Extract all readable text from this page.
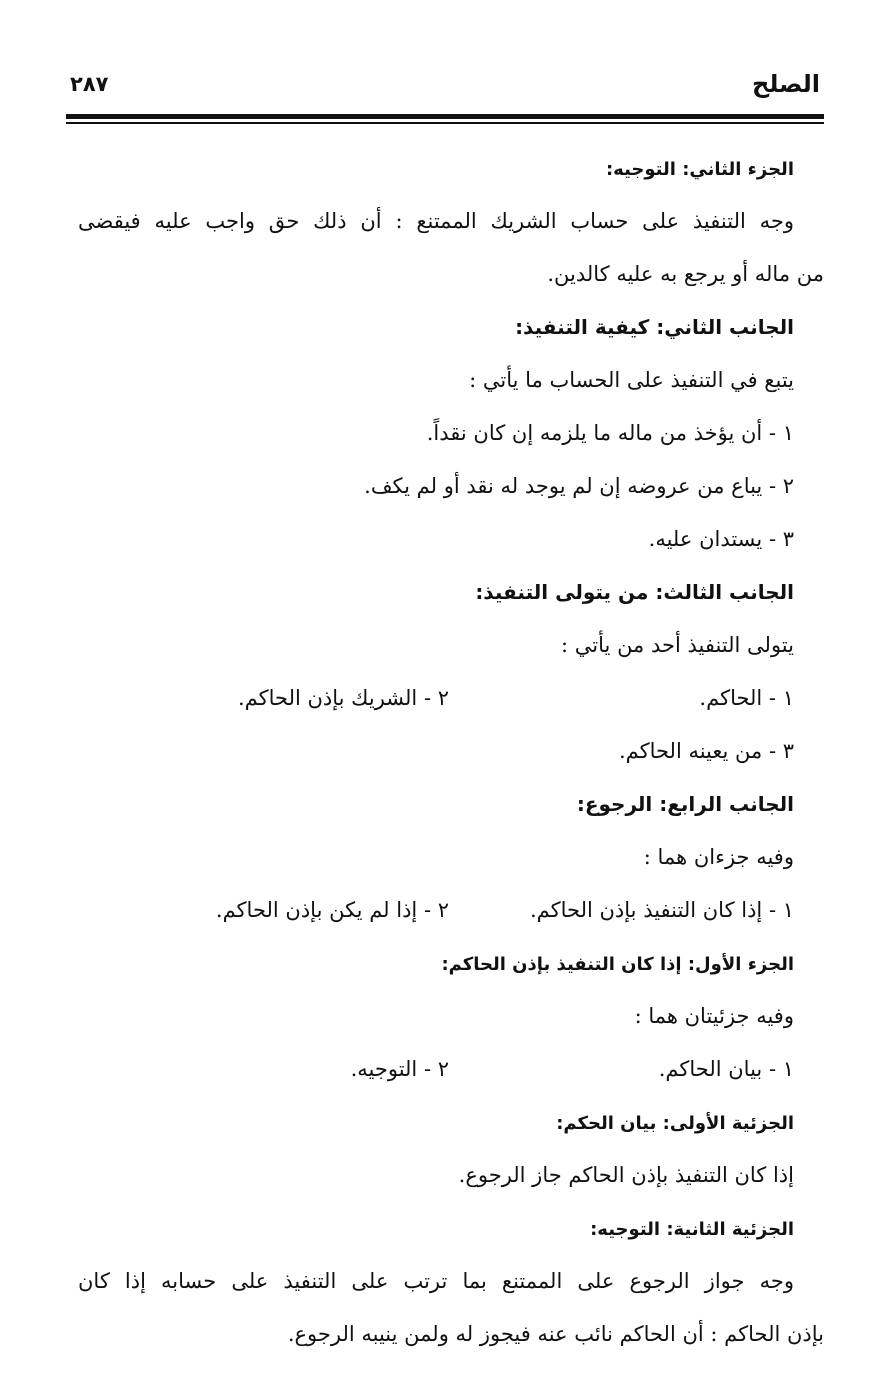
الصلح
٢٨٧
الجزء الثاني: التوجيه:
وجه التنفيذ على حساب الشريك الممتنع : أن ذلك حق واجب عليه فيقضى
من ماله أو يرجع به عليه كالدين.
الجانب الثاني: كيفية التنفيذ:
يتبع في التنفيذ على الحساب ما يأتي :
١ - أن يؤخذ من ماله ما يلزمه إن كان نقداً.
٢ - يباع من عروضه إن لم يوجد له نقد أو لم يكف.
٣ - يستدان عليه.
الجانب الثالث: من يتولى التنفيذ:
يتولى التنفيذ أحد من يأتي :
١ - الحاكم.
٢ - الشريك بإذن الحاكم.
٣ - من يعينه الحاكم.
الجانب الرابع: الرجوع:
وفيه جزءان هما :
١ - إذا كان التنفيذ بإذن الحاكم.
٢ - إذا لم يكن بإذن الحاكم.
الجزء الأول: إذا كان التنفيذ بإذن الحاكم:
وفيه جزئيتان هما :
١ - بيان الحاكم.
٢ - التوجيه.
الجزئية الأولى: بيان الحكم:
إذا كان التنفيذ بإذن الحاكم جاز الرجوع.
الجزئية الثانية: التوجيه:
وجه جواز الرجوع على الممتنع بما ترتب على التنفيذ على حسابه إذا كان
بإذن الحاكم : أن الحاكم نائب عنه فيجوز له ولمن ينيبه الرجوع.
